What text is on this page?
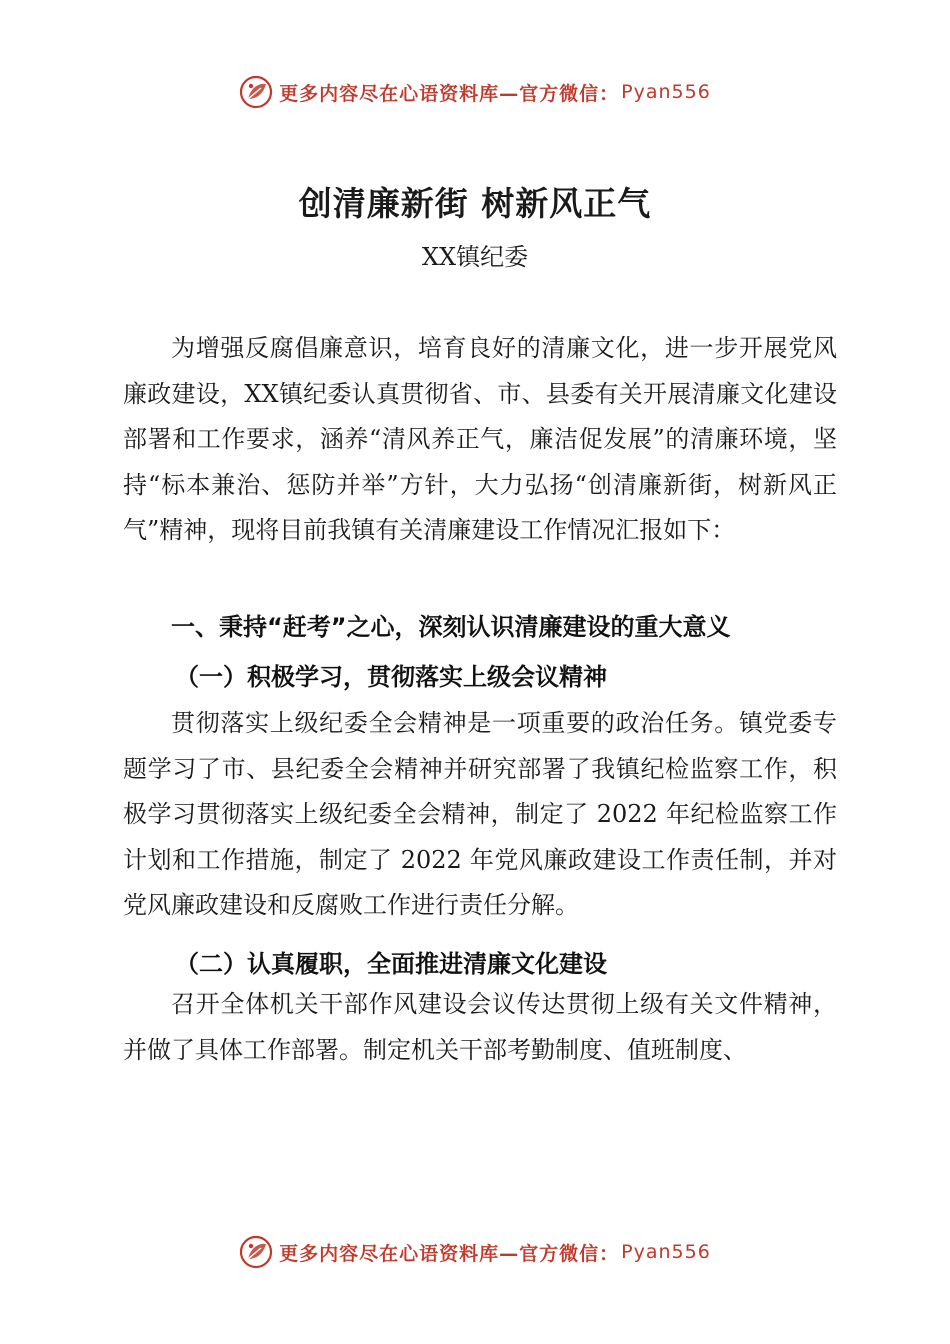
更多内容尽在心语资料库—官方微信： Pyan556
创清廉新街 树新风正气

XX镇纪委

为增强反腐倡廉意识，培育良好的清廉文化，进一步开展党风廉政建设，XX镇纪委认真贯彻省、市、县委有关开展清廉文化建设部署和工作要求，涵养“清风养正气，廉洁促发展”的清廉环境，坚持“标本兼治、惩防并举”方针，大力弘扬“创清廉新街，树新风正气”精神，现将目前我镇有关清廉建设工作情况汇报如下：

一、秉持“赶考”之心，深刻认识清廉建设的重大意义
（一）积极学习，贯彻落实上级会议精神

贯彻落实上级纪委全会精神是一项重要的政治任务。镇党委专题学习了市、县纪委全会精神并研究部署了我镇纪检监察工作，积极学习贯彻落实上级纪委全会精神，制定了 2022 年纪检监察工作计划和工作措施，制定了 2022 年党风廉政建设工作责任制，并对党风廉政建设和反腐败工作进行责任分解。

（二）认真履职，全面推进清廉文化建设

召开全体机关干部作风建设会议传达贯彻上级有关文件精神，并做了具体工作部署。制定机关干部考勤制度、值班制度、

更多内容尽在心语资料库—官方微信： Pyan556
